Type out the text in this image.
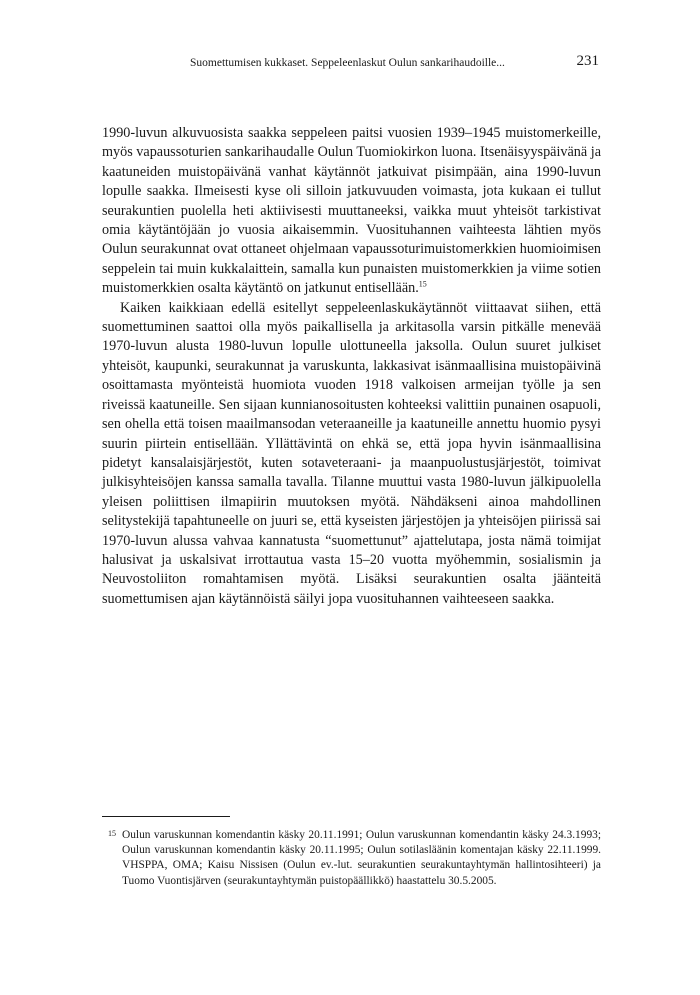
Suomettumisen kukkaset. Seppeleenlaskut Oulun sankarihaudoille...	231

1990-luvun alkuvuosista saakka seppeleen paitsi vuosien 1939–1945 muistomerkeille, myös vapaussoturien sankarihaudalle Oulun Tuomiokirkon luona. Itsenäisyyspäivänä ja kaatuneiden muistopäivänä vanhat käytännöt jatkuivat pisimpään, aina 1990-luvun lopulle saakka. Ilmeisesti kyse oli silloin jatkuvuuden voimasta, jota kukaan ei tullut seurakuntien puolella heti aktiivisesti muuttaneeksi, vaikka muut yhteisöt tarkistivat omia käytäntöjään jo vuosia aikaisemmin. Vuosituhannen vaihteesta lähtien myös Oulun seurakunnat ovat ottaneet ohjelmaan vapaussoturimuistomerkkien huomioimisen seppelein tai muin kukkalaittein, samalla kun punaisten muistomerkkien ja viime sotien muistomerkkien osalta käytäntö on jatkunut entisellään.$^{15}$

Kaiken kaikkiaan edellä esitellyt seppeleenlaskukäytännöt viittaavat siihen, että suomettuminen saattoi olla myös paikallisella ja arkitasolla varsin pitkälle menevää 1970-luvun alusta 1980-luvun lopulle ulottuneella jaksolla. Oulun suuret julkiset yhteisöt, kaupunki, seurakunnat ja varuskunta, lakkasivat isänmaallisina muistopäivinä osoittamasta myönteistä huomiota vuoden 1918 valkoisen armeijan työlle ja sen riveissä kaatuneille. Sen sijaan kunnianosoitusten kohteeksi valittiin punainen osapuoli, sen ohella että toisen maailmansodan veteraaneille ja kaatuneille annettu huomio pysyi suurin piirtein entisellään. Yllättävintä on ehkä se, että jopa hyvin isänmaallisina pidetyt kansalaisjärjestöt, kuten sotaveteraani- ja maanpuolustusjärjestöt, toimivat julkisyhteisöjen kanssa samalla tavalla. Tilanne muuttui vasta 1980-luvun jälkipuolella yleisen poliittisen ilmapiirin muutoksen myötä. Nähdäkseni ainoa mahdollinen selitystekijä tapahtuneelle on juuri se, että kyseisten järjestöjen ja yhteisöjen piirissä sai 1970-luvun alussa vahvaa kannatusta “suomettunut” ajattelutapa, josta nämä toimijat halusivat ja uskalsivat irrottautua vasta 15–20 vuotta myöhemmin, sosialismin ja Neuvostoliiton romahtamisen myötä. Lisäksi seurakuntien osalta jäänteitä suomettumisen ajan käytännöistä säilyi jopa vuosituhannen vaihteeseen saakka.

15 Oulun varuskunnan komendantin käsky 20.11.1991; Oulun varuskunnan komendantin käsky 24.3.1993; Oulun varuskunnan komendantin käsky 20.11.1995; Oulun sotilasläänin komentajan käsky 22.11.1999. VHSPPA, OMA; Kaisu Nissisen (Oulun ev.-lut. seurakuntien seurakuntayhtymän hallintosihteeri) ja Tuomo Vuontisjärven (seurakuntayhtymän puistopäällikkö) haastattelu 30.5.2005.
